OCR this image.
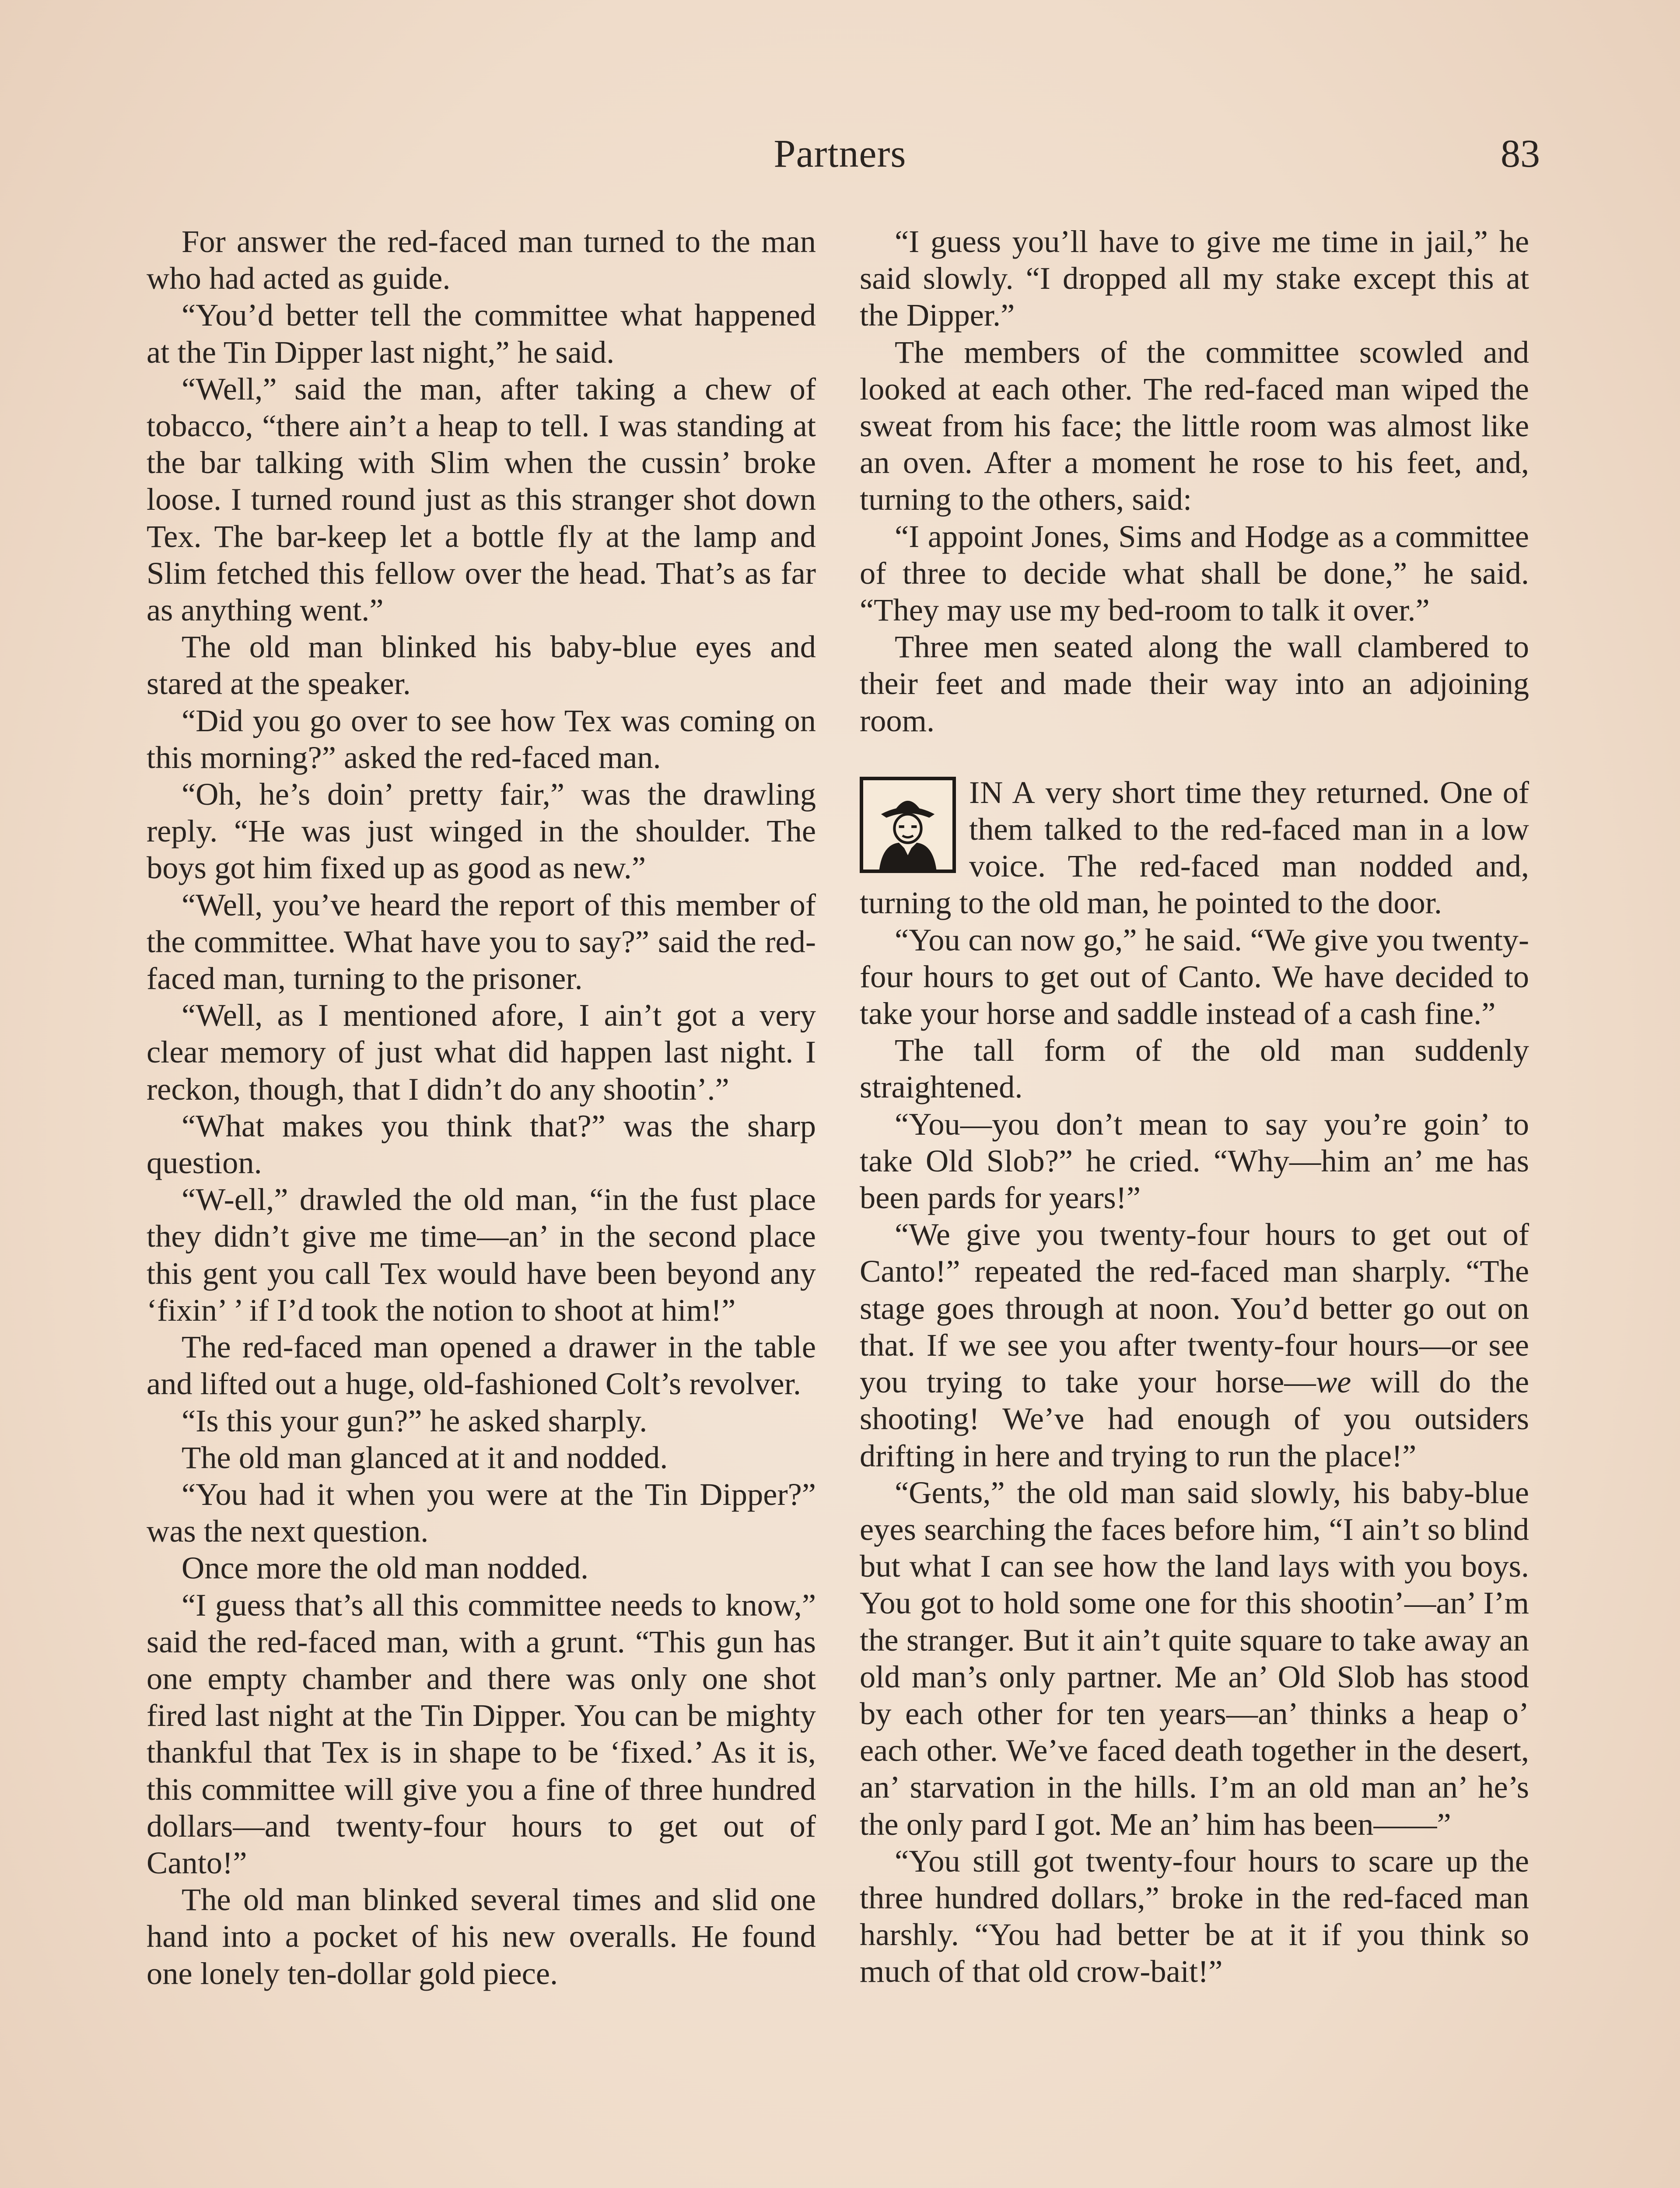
Partners	83

For answer the red-faced man turned to the man who had acted as guide.

“You’d better tell the committee what happened at the Tin Dipper last night,” he said.

“Well,” said the man, after taking a chew of tobacco, “there ain’t a heap to tell. I was standing at the bar talking with Slim when the cussin’ broke loose. I turned round just as this stranger shot down Tex. The bar-keep let a bottle fly at the lamp and Slim fetched this fellow over the head. That’s as far as anything went.”

The old man blinked his baby-blue eyes and stared at the speaker.

“Did you go over to see how Tex was coming on this morning?” asked the red-faced man.

“Oh, he’s doin’ pretty fair,” was the drawling reply. “He was just winged in the shoulder. The boys got him fixed up as good as new.”

“Well, you’ve heard the report of this member of the committee. What have you to say?” said the red-faced man, turning to the prisoner.

“Well, as I mentioned afore, I ain’t got a very clear memory of just what did happen last night. I reckon, though, that I didn’t do any shootin’.”

“What makes you think that?” was the sharp question.

“W-ell,” drawled the old man, “in the fust place they didn’t give me time—an’ in the second place this gent you call Tex would have been beyond any ‘fixin’ ’ if I’d took the notion to shoot at him!”

The red-faced man opened a drawer in the table and lifted out a huge, old-fashioned Colt’s revolver.

“Is this your gun?” he asked sharply.

The old man glanced at it and nodded.

“You had it when you were at the Tin Dipper?” was the next question.

Once more the old man nodded.

“I guess that’s all this committee needs to know,” said the red-faced man, with a grunt. “This gun has one empty chamber and there was only one shot fired last night at the Tin Dipper. You can be mighty thankful that Tex is in shape to be ‘fixed.’ As it is, this committee will give you a fine of three hundred dollars—and twenty-four hours to get out of Canto!”

The old man blinked several times and slid one hand into a pocket of his new overalls. He found one lonely ten-dollar gold piece.

“I guess you’ll have to give me time in jail,” he said slowly. “I dropped all my stake except this at the Dipper.”

The members of the committee scowled and looked at each other. The red-faced man wiped the sweat from his face; the little room was almost like an oven. After a moment he rose to his feet, and, turning to the others, said:

“I appoint Jones, Sims and Hodge as a committee of three to decide what shall be done,” he said. “They may use my bed-room to talk it over.”

Three men seated along the wall clambered to their feet and made their way into an adjoining room.

IN A very short time they returned. One of them talked to the red-faced man in a low voice. The red-faced man nodded and, turning to the old man, he pointed to the door.

“You can now go,” he said. “We give you twenty-four hours to get out of Canto. We have decided to take your horse and saddle instead of a cash fine.”

The tall form of the old man suddenly straightened.

“You—you don’t mean to say you’re goin’ to take Old Slob?” he cried. “Why—him an’ me has been pards for years!”

“We give you twenty-four hours to get out of Canto!” repeated the red-faced man sharply. “The stage goes through at noon. You’d better go out on that. If we see you after twenty-four hours—or see you trying to take your horse—we will do the shooting! We’ve had enough of you outsiders drifting in here and trying to run the place!”

“Gents,” the old man said slowly, his baby-blue eyes searching the faces before him, “I ain’t so blind but what I can see how the land lays with you boys. You got to hold some one for this shootin’—an’ I’m the stranger. But it ain’t quite square to take away an old man’s only partner. Me an’ Old Slob has stood by each other for ten years—an’ thinks a heap o’ each other. We’ve faced death together in the desert, an’ starvation in the hills. I’m an old man an’ he’s the only pard I got. Me an’ him has been——”

“You still got twenty-four hours to scare up the three hundred dollars,” broke in the red-faced man harshly. “You had better be at it if you think so much of that old crow-bait!”
